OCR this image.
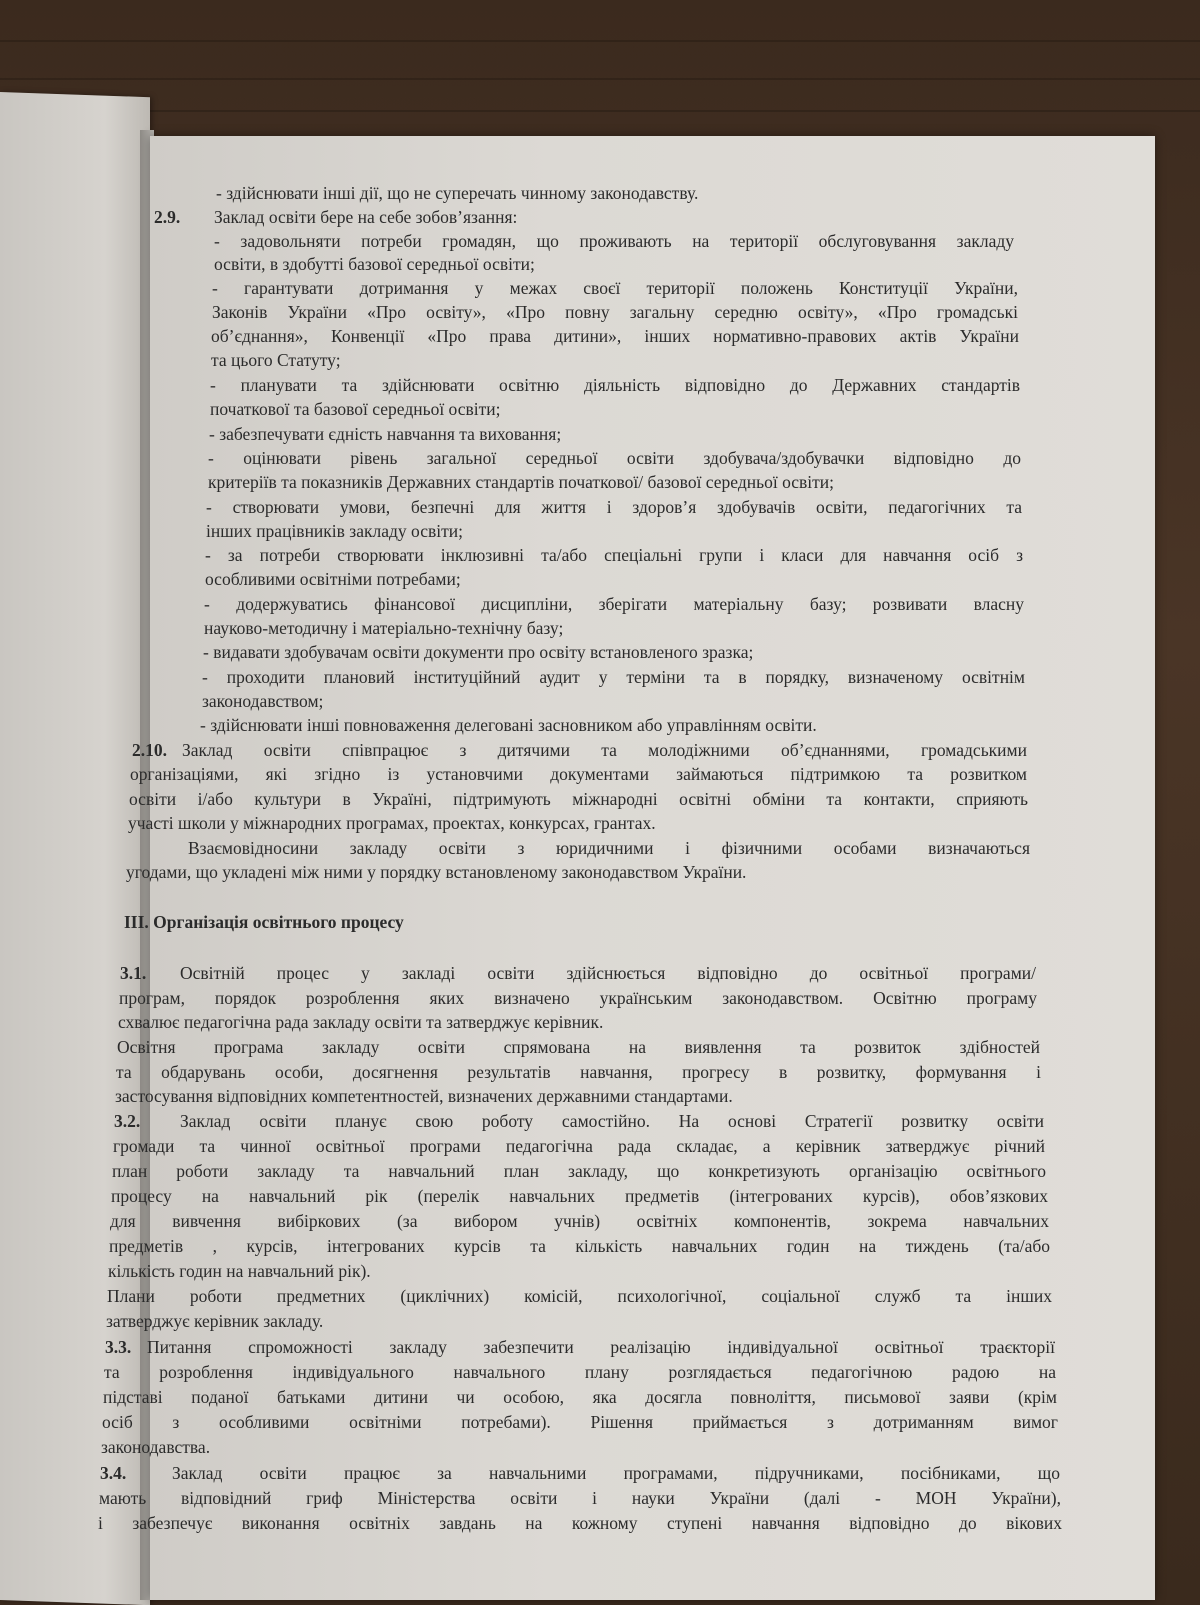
- здійснювати інші дії, що не суперечать чинному законодавству.
2.9. Заклад освіти бере на себе зобов’язання:
- задовольняти потреби громадян, що проживають на території обслуговування закладу
освіти, в здобутті базової середньої освіти;
- гарантувати дотримання у межах своєї території положень Конституції України,
Законів України «Про освіту», «Про повну загальну середню освіту», «Про громадські
об’єднання», Конвенції «Про права дитини», інших нормативно-правових актів України
та цього Статуту;
- планувати та здійснювати освітню діяльність відповідно до Державних стандартів
початкової та базової середньої освіти;
- забезпечувати єдність навчання та виховання;
- оцінювати рівень загальної середньої освіти здобувача/здобувачки відповідно до
критеріїв та показників Державних стандартів початкової/ базової середньої освіти;
- створювати умови, безпечні для життя і здоров’я здобувачів освіти, педагогічних та
інших працівників закладу освіти;
- за потреби створювати інклюзивні та/або спеціальні групи і класи для навчання осіб з
особливими освітніми потребами;
- додержуватись фінансової дисципліни, зберігати матеріальну базу; розвивати власну
науково-методичну і матеріально-технічну базу;
- видавати здобувачам освіти документи про освіту встановленого зразка;
- проходити плановий інституційний аудит у терміни та в порядку, визначеному освітнім
законодавством;
- здійснювати інші повноваження делеговані засновником або управлінням освіти.
2.10. Заклад освіти співпрацює з дитячими та молодіжними об’єднаннями, громадськими
організаціями, які згідно із установчими документами займаються підтримкою та розвитком
освіти і/або культури в Україні, підтримують міжнародні освітні обміни та контакти, сприяють
участі школи у міжнародних програмах, проектах, конкурсах, грантах.
Взаємовідносини закладу освіти з юридичними і фізичними особами визначаються
угодами, що укладені між ними у порядку встановленому законодавством України.
III. Організація освітнього процесу
3.1. Освітній процес у закладі освіти здійснюється відповідно до освітньої програми/
програм, порядок розроблення яких визначено українським законодавством. Освітню програму
схвалює педагогічна рада закладу освіти та затверджує керівник.
Освітня програма закладу освіти спрямована на виявлення та розвиток здібностей
та обдарувань особи, досягнення результатів навчання, прогресу в розвитку, формування і
застосування відповідних компетентностей, визначених державними стандартами.
3.2. Заклад освіти планує свою роботу самостійно. На основі Стратегії розвитку освіти
громади та чинної освітньої програми педагогічна рада складає, а керівник затверджує річний
план роботи закладу та навчальний план закладу, що конкретизують організацію освітнього
процесу на навчальний рік (перелік навчальних предметів (інтегрованих курсів), обов’язкових
для вивчення вибіркових (за вибором учнів) освітніх компонентів, зокрема навчальних
предметів , курсів, інтегрованих курсів та кількість навчальних годин на тиждень (та/або
кількість годин на навчальний рік).
Плани роботи предметних (циклічних) комісій, психологічної, соціальної служб та інших
затверджує керівник закладу.
3.3. Питання спроможності закладу забезпечити реалізацію індивідуальної освітньої траєкторії
та розроблення індивідуального навчального плану розглядається педагогічною радою на
підставі поданої батьками дитини чи особою, яка досягла повноліття, письмової заяви (крім
осіб з особливими освітніми потребами). Рішення приймається з дотриманням вимог
законодавства.
3.4.	Заклад освіти працює за навчальними програмами, підручниками, посібниками, що
мають відповідний гриф Міністерства освіти і науки України (далі - МОН України),
і забезпечує виконання освітніх завдань на кожному ступені навчання відповідно до вікових
